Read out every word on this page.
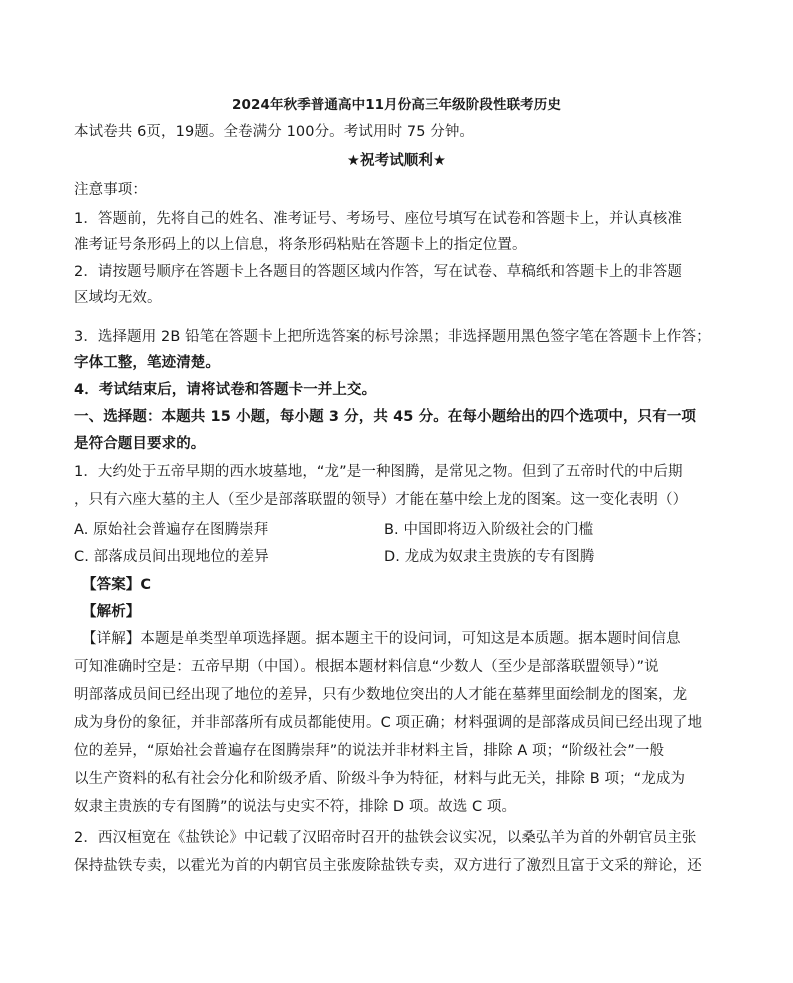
2024年秋季普通高中11月份高三年级阶段性联考历史
本试卷共 6页，19题。全卷满分 100分。考试用时 75 分钟。
★祝考试顺利★
注意事项：
1．答题前，先将自己的姓名、准考证号、考场号、座位号填写在试卷和答题卡上，并认真核准
准考证号条形码上的以上信息，将条形码粘贴在答题卡上的指定位置。
2．请按题号顺序在答题卡上各题目的答题区域内作答，写在试卷、草稿纸和答题卡上的非答题
区域均无效。
3．选择题用 2B 铅笔在答题卡上把所选答案的标号涂黑；非选择题用黑色签字笔在答题卡上作答；
字体工整，笔迹清楚。
4．考试结束后，请将试卷和答题卡一并上交。
一、选择题：本题共 15 小题，每小题 3 分，共 45 分。在每小题给出的四个选项中，只有一项
是符合题目要求的。
1．大约处于五帝早期的西水坡墓地，“龙”是一种图腾，是常见之物。但到了五帝时代的中后期
，只有六座大墓的主人（至少是部落联盟的领导）才能在墓中绘上龙的图案。这一变化表明（）
A. 原始社会普遍存在图腾崇拜	B. 中国即将迈入阶级社会的门槛
C. 部落成员间出现地位的差异	D. 龙成为奴隶主贵族的专有图腾
【答案】C
【解析】
【详解】本题是单类型单项选择题。据本题主干的设问词，可知这是本质题。据本题时间信息
可知准确时空是：五帝早期（中国）。根据本题材料信息“少数人（至少是部落联盟领导）”说
明部落成员间已经出现了地位的差异，只有少数地位突出的人才能在墓葬里面绘制龙的图案，龙
成为身份的象征，并非部落所有成员都能使用。C 项正确；材料强调的是部落成员间已经出现了地
位的差异，“原始社会普遍存在图腾崇拜”的说法并非材料主旨，排除 A 项；“阶级社会”一般
以生产资料的私有社会分化和阶级矛盾、阶级斗争为特征，材料与此无关，排除 B 项；“龙成为
奴隶主贵族的专有图腾”的说法与史实不符，排除 D 项。故选 C 项。
2．西汉桓宽在《盐铁论》中记载了汉昭帝时召开的盐铁会议实况，以桑弘羊为首的外朝官员主张
保持盐铁专卖，以霍光为首的内朝官员主张废除盐铁专卖，双方进行了激烈且富于文采的辩论，还
